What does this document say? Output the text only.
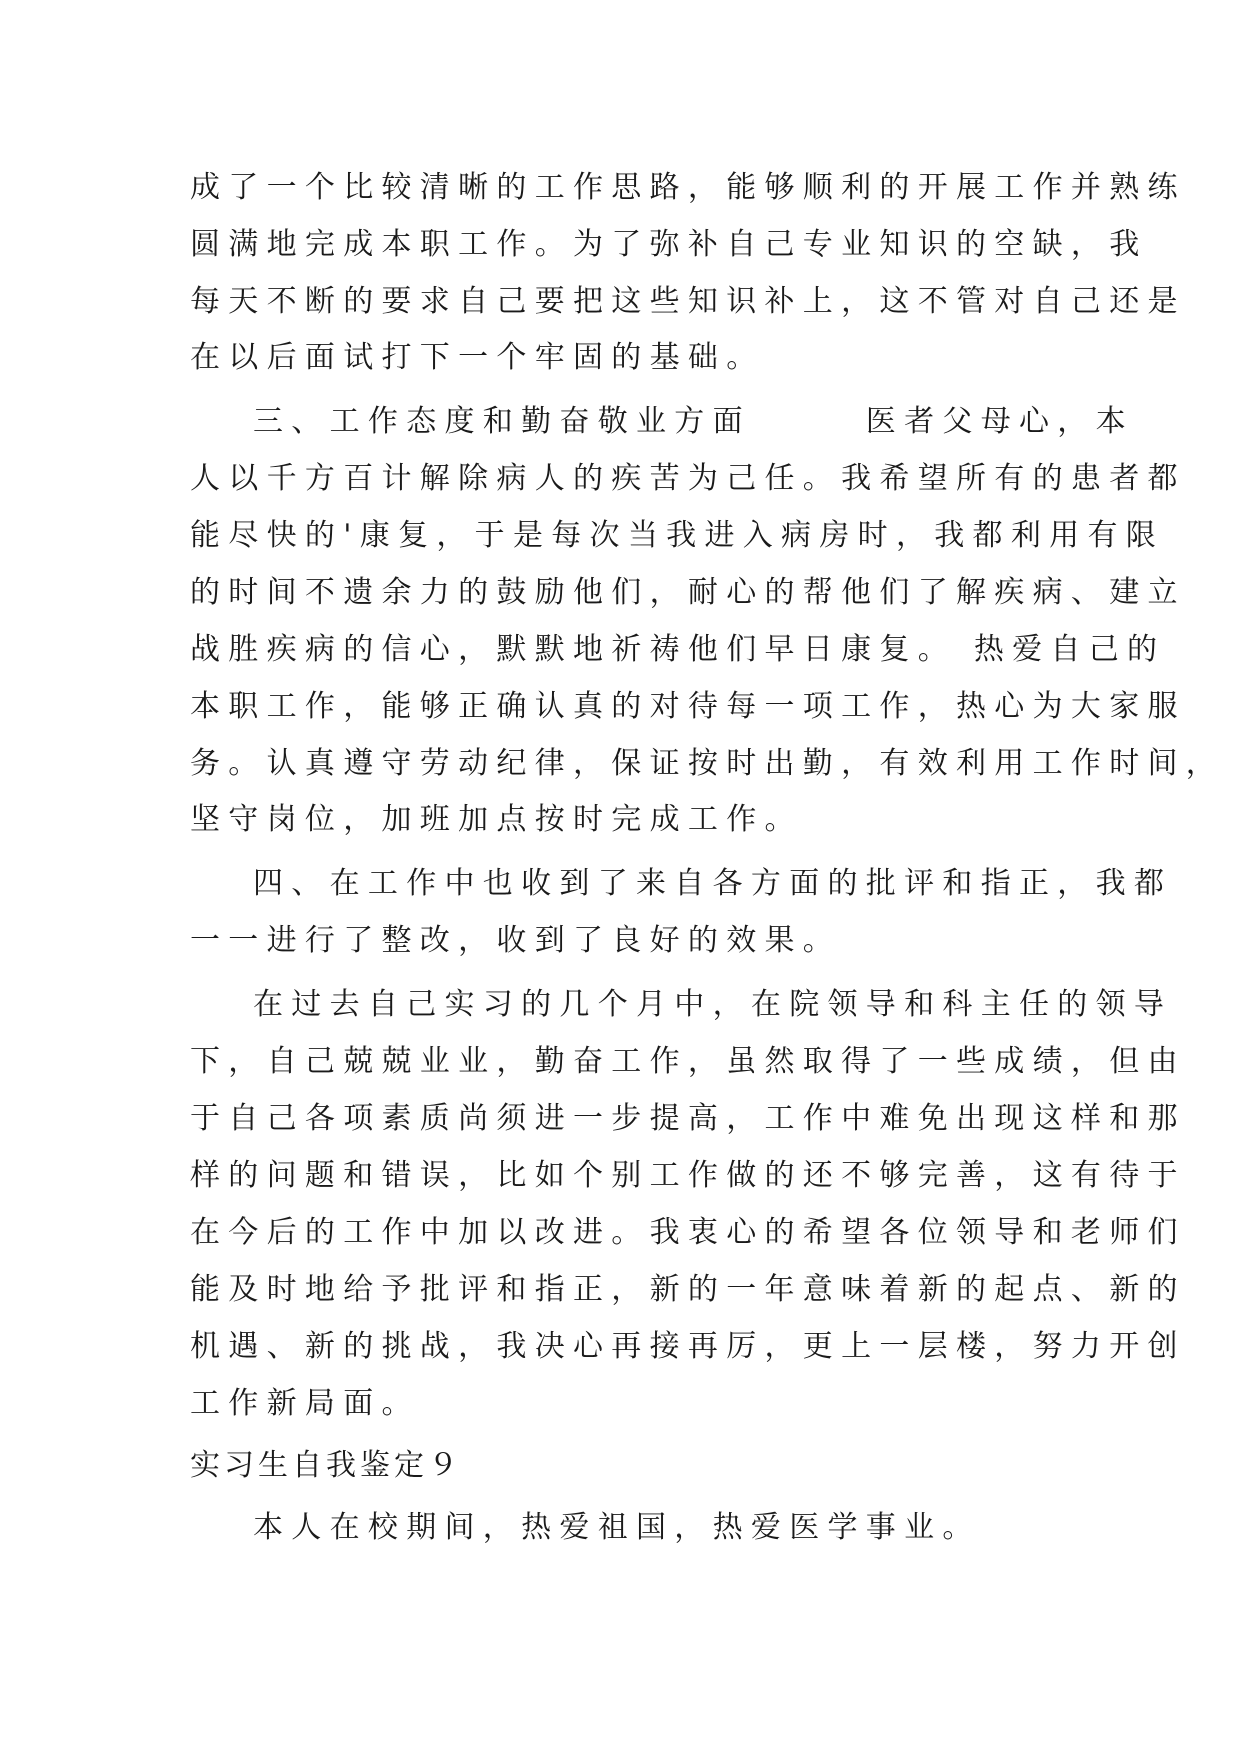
成了一个比较清晰的工作思路，能够顺利的开展工作并熟练
圆满地完成本职工作。为了弥补自己专业知识的空缺，我
每天不断的要求自己要把这些知识补上，这不管对自己还是
在以后面试打下一个牢固的基础。
三、工作态度和勤奋敬业方面　　　医者父母心，本
人以千方百计解除病人的疾苦为己任。我希望所有的患者都
能尽快的'康复，于是每次当我进入病房时，我都利用有限
的时间不遗余力的鼓励他们，耐心的帮他们了解疾病、建立
战胜疾病的信心，默默地祈祷他们早日康复。 热爱自己的
本职工作，能够正确认真的对待每一项工作，热心为大家服
务。认真遵守劳动纪律，保证按时出勤，有效利用工作时间，
坚守岗位，加班加点按时完成工作。
四、在工作中也收到了来自各方面的批评和指正，我都
一一进行了整改，收到了良好的效果。
在过去自己实习的几个月中，在院领导和科主任的领导
下，自己兢兢业业，勤奋工作，虽然取得了一些成绩，但由
于自己各项素质尚须进一步提高，工作中难免出现这样和那
样的问题和错误，比如个别工作做的还不够完善，这有待于
在今后的工作中加以改进。我衷心的希望各位领导和老师们
能及时地给予批评和指正，新的一年意味着新的起点、新的
机遇、新的挑战，我决心再接再厉，更上一层楼，努力开创
工作新局面。
实习生自我鉴定９
本人在校期间，热爱祖国，热爱医学事业。
